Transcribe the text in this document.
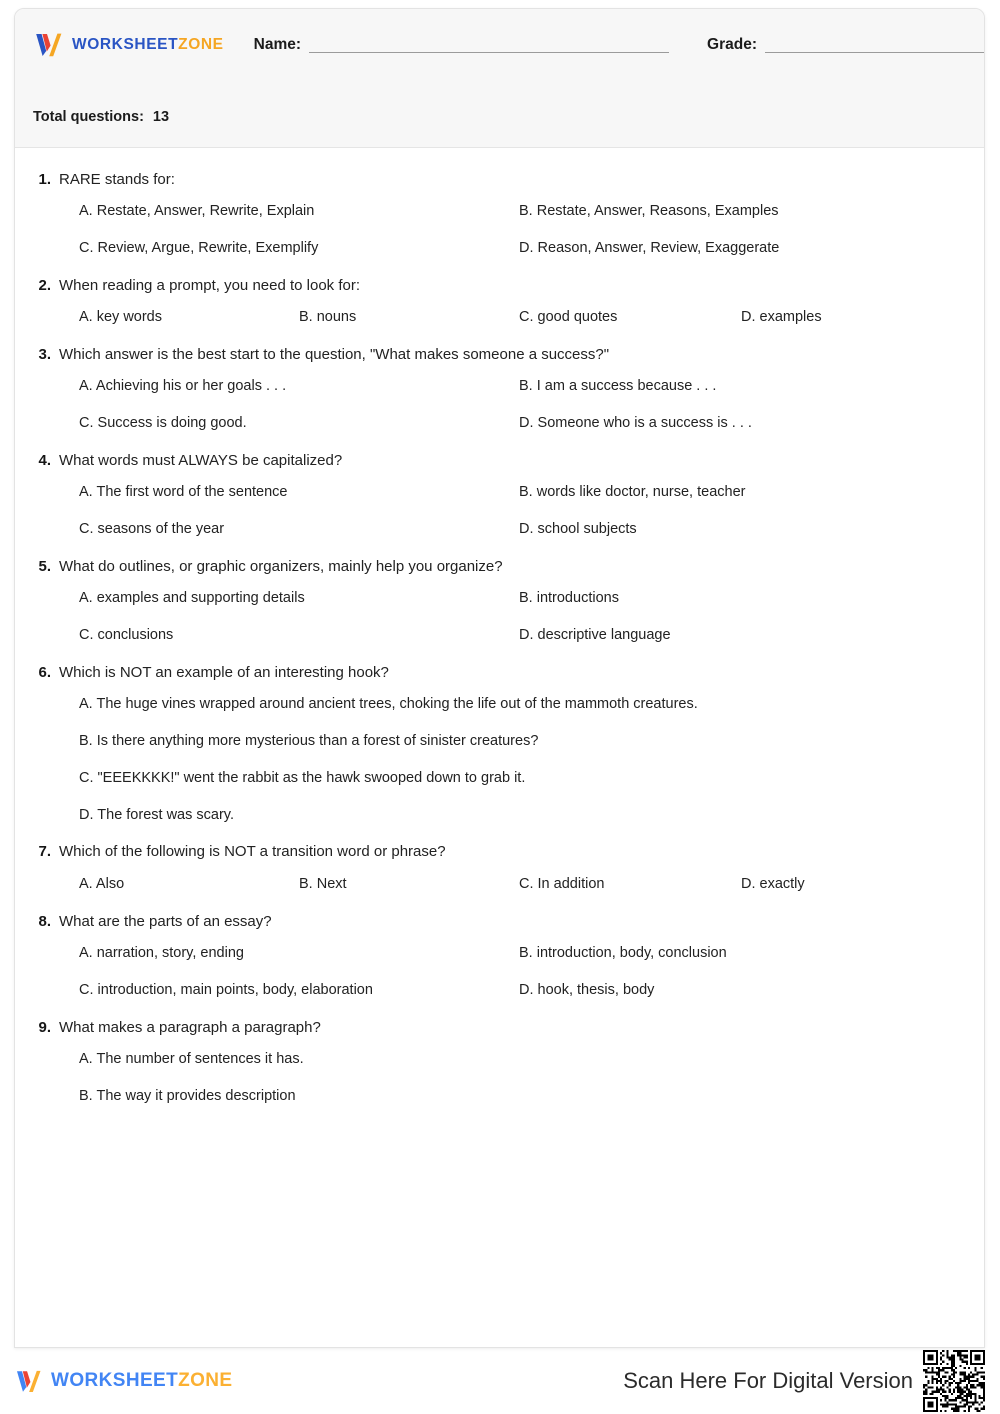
WORKSHEETZONE Name:	Grade:
Total questions: 13
1. RARE stands for:
A. Restate, Answer, Rewrite, Explain	B. Restate, Answer, Reasons, Examples
C. Review, Argue, Rewrite, Exemplify	D. Reason, Answer, Review, Exaggerate
2. When reading a prompt, you need to look for:
A. key words	B. nouns	C. good quotes	D. examples
3. Which answer is the best start to the question, "What makes someone a success?"
A. Achieving his or her goals . . .	B. I am a success because . . .
C. Success is doing good.	D. Someone who is a success is . . .
4. What words must ALWAYS be capitalized?
A. The first word of the sentence	B. words like doctor, nurse, teacher
C. seasons of the year	D. school subjects
5. What do outlines, or graphic organizers, mainly help you organize?
A. examples and supporting details	B. introductions
C. conclusions	D. descriptive language
6. Which is NOT an example of an interesting hook?
A. The huge vines wrapped around ancient trees, choking the life out of the mammoth creatures.
B. Is there anything more mysterious than a forest of sinister creatures?
C. "EEEKKKK!" went the rabbit as the hawk swooped down to grab it.
D. The forest was scary.
7. Which of the following is NOT a transition word or phrase?
A. Also	B. Next	C. In addition	D. exactly
8. What are the parts of an essay?
A. narration, story, ending	B. introduction, body, conclusion
C. introduction, main points, body, elaboration	D. hook, thesis, body
9. What makes a paragraph a paragraph?
A. The number of sentences it has.
B. The way it provides description
WORKSHEETZONE	Scan Here For Digital Version
